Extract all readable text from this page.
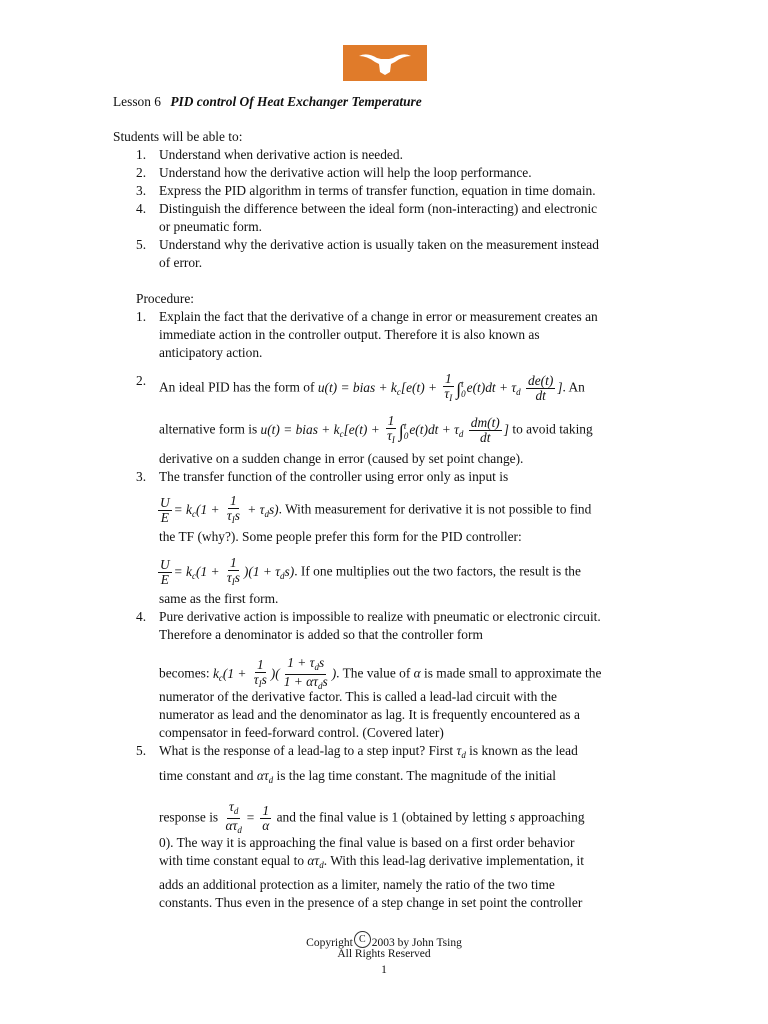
Lesson 6 PID control Of Heat Exchanger Temperature
Students will be able to:
1. Understand when derivative action is needed.
2. Understand how the derivative action will help the loop performance.
3. Express the PID algorithm in terms of transfer function, equation in time domain.
4. Distinguish the difference between the ideal form (non-interacting) and electronic
or pneumatic form.
5. Understand why the derivative action is usually taken on the measurement instead
of error.
Procedure:
1. Explain the fact that the derivative of a change in error or measurement creates an
immediate action in the controller output. Therefore it is also known as
anticipatory action.
2. An ideal PID has the form of u(t) = bias + $k_c[e(t) + \frac{1}{\tau_I}$ ∫ t
0 $e(t)dt + \tau_d \frac{de(t)}{dt}$ ]. An
alternative form is u(t) = bias + $k_c[e(t) + \frac{1}{\tau_I}$ ∫ t
0 $e(t)dt + \tau_d \frac{dm(t)}{dt}$ ] to avoid taking
derivative on a sudden change in error (caused by set point change).
3. The transfer function of the controller using error only as input is
$\frac{U}{E} = k_c(1 + \frac{1}{\tau_Is} + \tau_ds)$. With measurement for derivative it is not possible to find
the TF (why?). Some people prefer this form for the PID controller:
$\frac{U}{E} = k_c(1 + \frac{1}{\tau_Is} )(1 + \tau_ds)$. If one multiplies out the two factors, the result is the
same as the first form.
4. Pure derivative action is impossible to realize with pneumatic or electronic circuit.
Therefore a denominator is added so that the controller form
becomes: $k_c(1 + \frac{1}{\tau_Is}$ )( $\frac{1 + \tau_ds}{1 + \alpha\tau_ds}$ ). The value of α is made small to approximate the
numerator of the derivative factor. This is called a lead-lad circuit with the
numerator as lead and the denominator as lag. It is frequently encountered as a
compensator in feed-forward control. (Covered later)
5. What is the response of a lead-lag to a step input? First $\tau_d$ is known as the lead
time constant and $\alpha\tau_d$ is the lag time constant. The magnitude of the initial
response is $\frac{\tau_d}{\alpha\tau_d} = \frac{1}{\alpha}$ and the final value is 1 (obtained by letting s approaching
0). The way it is approaching the final value is based on a first order behavior
with time constant equal to $\alpha\tau_d$. With this lead-lag derivative implementation, it
adds an additional protection as a limiter, namely the ratio of the two time
constants. Thus even in the presence of a step change in set point the controller
Copyright C 2003 by John Tsing
All Rights Reserved
1
